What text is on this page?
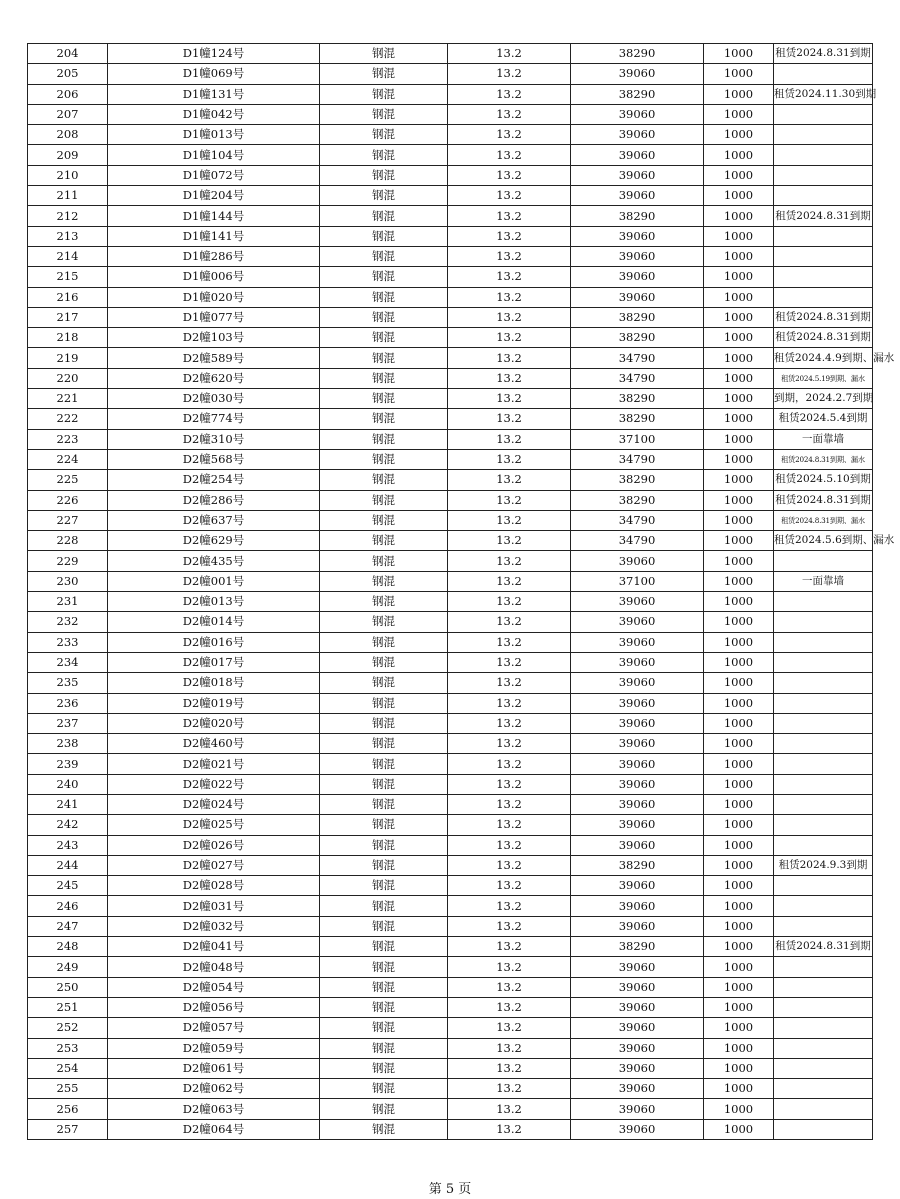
204	D1幢124号	钢混	13.2	38290	1000	租赁2024.8.31到期
205	D1幢069号	钢混	13.2	39060	1000	
206	D1幢131号	钢混	13.2	38290	1000	租赁2024.11.30到期
207	D1幢042号	钢混	13.2	39060	1000	
208	D1幢013号	钢混	13.2	39060	1000	
209	D1幢104号	钢混	13.2	39060	1000	
210	D1幢072号	钢混	13.2	39060	1000	
211	D1幢204号	钢混	13.2	39060	1000	
212	D1幢144号	钢混	13.2	38290	1000	租赁2024.8.31到期
213	D1幢141号	钢混	13.2	39060	1000	
214	D1幢286号	钢混	13.2	39060	1000	
215	D1幢006号	钢混	13.2	39060	1000	
216	D1幢020号	钢混	13.2	39060	1000	
217	D1幢077号	钢混	13.2	38290	1000	租赁2024.8.31到期
218	D2幢103号	钢混	13.2	38290	1000	租赁2024.8.31到期
219	D2幢589号	钢混	13.2	34790	1000	租赁2024.4.9到期、漏水
220	D2幢620号	钢混	13.2	34790	1000	租赁2024.5.19到期、漏水
221	D2幢030号	钢混	13.2	38290	1000	到期，2024.2.7到期
222	D2幢774号	钢混	13.2	38290	1000	租赁2024.5.4到期
223	D2幢310号	钢混	13.2	37100	1000	一面靠墙
224	D2幢568号	钢混	13.2	34790	1000	租赁2024.8.31到期、漏水
225	D2幢254号	钢混	13.2	38290	1000	租赁2024.5.10到期
226	D2幢286号	钢混	13.2	38290	1000	租赁2024.8.31到期
227	D2幢637号	钢混	13.2	34790	1000	租赁2024.8.31到期、漏水
228	D2幢629号	钢混	13.2	34790	1000	租赁2024.5.6到期、漏水
229	D2幢435号	钢混	13.2	39060	1000	
230	D2幢001号	钢混	13.2	37100	1000	一面靠墙
231	D2幢013号	钢混	13.2	39060	1000	
232	D2幢014号	钢混	13.2	39060	1000	
233	D2幢016号	钢混	13.2	39060	1000	
234	D2幢017号	钢混	13.2	39060	1000	
235	D2幢018号	钢混	13.2	39060	1000	
236	D2幢019号	钢混	13.2	39060	1000	
237	D2幢020号	钢混	13.2	39060	1000	
238	D2幢460号	钢混	13.2	39060	1000	
239	D2幢021号	钢混	13.2	39060	1000	
240	D2幢022号	钢混	13.2	39060	1000	
241	D2幢024号	钢混	13.2	39060	1000	
242	D2幢025号	钢混	13.2	39060	1000	
243	D2幢026号	钢混	13.2	39060	1000	
244	D2幢027号	钢混	13.2	38290	1000	租赁2024.9.3到期
245	D2幢028号	钢混	13.2	39060	1000	
246	D2幢031号	钢混	13.2	39060	1000	
247	D2幢032号	钢混	13.2	39060	1000	
248	D2幢041号	钢混	13.2	38290	1000	租赁2024.8.31到期
249	D2幢048号	钢混	13.2	39060	1000	
250	D2幢054号	钢混	13.2	39060	1000	
251	D2幢056号	钢混	13.2	39060	1000	
252	D2幢057号	钢混	13.2	39060	1000	
253	D2幢059号	钢混	13.2	39060	1000	
254	D2幢061号	钢混	13.2	39060	1000	
255	D2幢062号	钢混	13.2	39060	1000	
256	D2幢063号	钢混	13.2	39060	1000	
257	D2幢064号	钢混	13.2	39060	1000	
第 5 页
